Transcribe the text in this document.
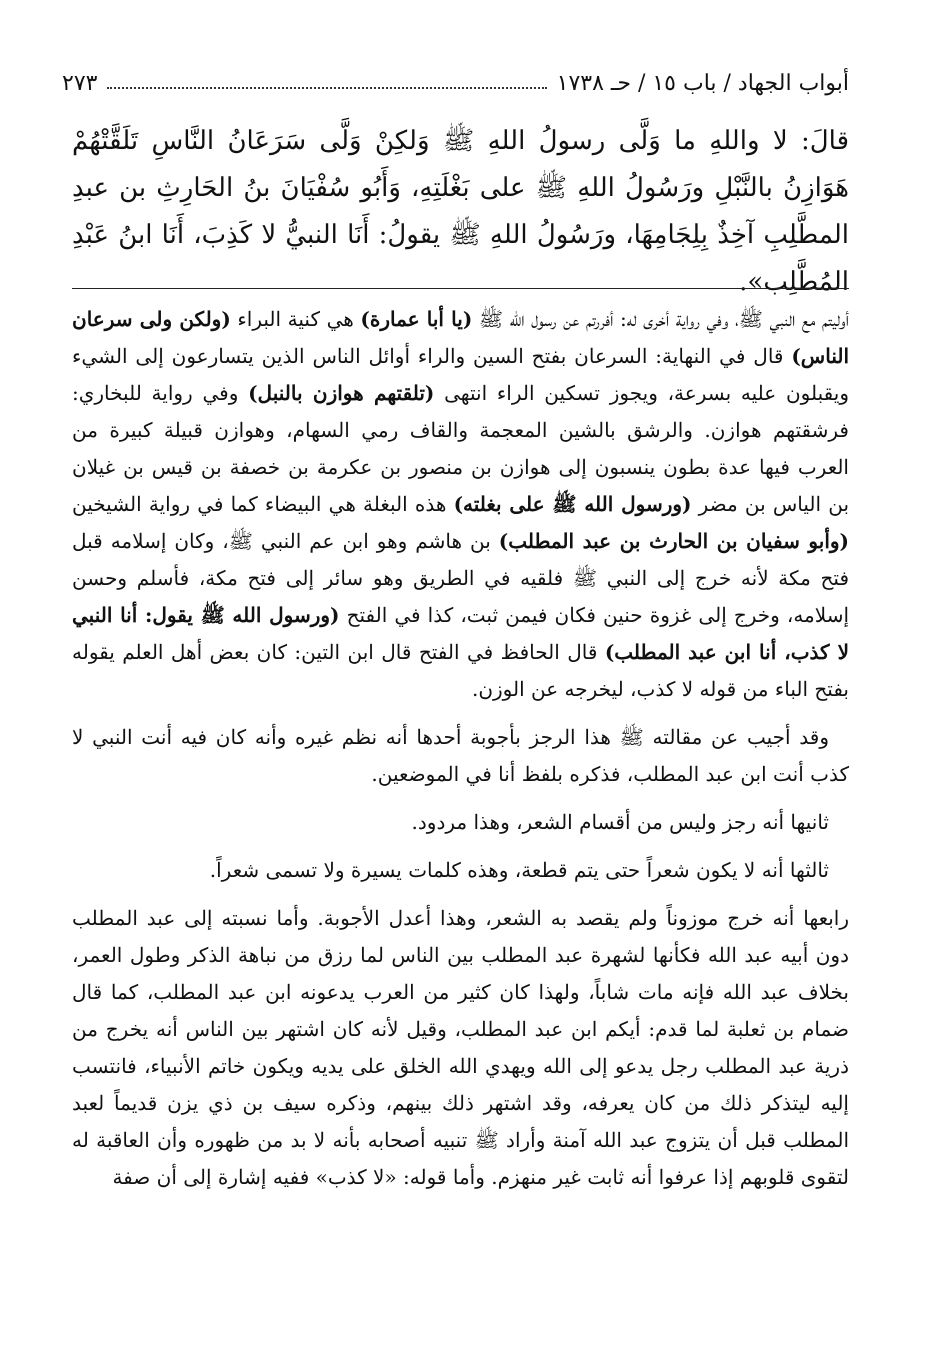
أبواب الجهاد / باب ١٥ / حـ ١٧٣٨
٢٧٣

قالَ: لا واللهِ ما وَلَّى رسولُ اللهِ ﷺ وَلكِنْ وَلَّى سَرَعَانُ النَّاسِ تَلَقَّتْهُمْ هَوَازِنُ بالنَّبْلِ ورَسُولُ اللهِ ﷺ على بَغْلَتِهِ، وَأَبُو سُفْيَانَ بنُ الحَارِثِ بن عبدِ المطَّلِبِ آخِذٌ بِلِجَامِهَا، ورَسُولُ اللهِ ﷺ يقولُ: أَنَا النبيُّ لا كَذِبَ، أَنَا ابنُ عَبْدِ المُطَّلِب».

أوليتم مع النبي ﷺ، وفي رواية أخرى له: أفررتم عن رسول الله ﷺ (يا أبا عمارة) هي كنية البراء (ولكن ولى سرعان الناس) قال في النهاية: السرعان بفتح السين والراء أوائل الناس الذين يتسارعون إلى الشيء ويقبلون عليه بسرعة، ويجوز تسكين الراء انتهى (تلقتهم هوازن بالنبل) وفي رواية للبخاري: فرشقتهم هوازن. والرشق بالشين المعجمة والقاف رمي السهام، وهوازن قبيلة كبيرة من العرب فيها عدة بطون ينسبون إلى هوازن بن منصور بن عكرمة بن خصفة بن قيس بن غيلان بن الياس بن مضر (ورسول الله ﷺ على بغلته) هذه البغلة هي البيضاء كما في رواية الشيخين (وأبو سفيان بن الحارث بن عبد المطلب) بن هاشم وهو ابن عم النبي ﷺ، وكان إسلامه قبل فتح مكة لأنه خرج إلى النبي ﷺ فلقيه في الطريق وهو سائر إلى فتح مكة، فأسلم وحسن إسلامه، وخرج إلى غزوة حنين فكان فيمن ثبت، كذا في الفتح (ورسول الله ﷺ يقول: أنا النبي لا كذب، أنا ابن عبد المطلب) قال الحافظ في الفتح قال ابن التين: كان بعض أهل العلم يقوله بفتح الباء من قوله لا كذب، ليخرجه عن الوزن.

وقد أجيب عن مقالته ﷺ هذا الرجز بأجوبة أحدها أنه نظم غيره وأنه كان فيه أنت النبي لا كذب أنت ابن عبد المطلب، فذكره بلفظ أنا في الموضعين.

ثانيها أنه رجز وليس من أقسام الشعر، وهذا مردود.

ثالثها أنه لا يكون شعراً حتى يتم قطعة، وهذه كلمات يسيرة ولا تسمى شعراً.

رابعها أنه خرج موزوناً ولم يقصد به الشعر، وهذا أعدل الأجوبة. وأما نسبته إلى عبد المطلب دون أبيه عبد الله فكأنها لشهرة عبد المطلب بين الناس لما رزق من نباهة الذكر وطول العمر، بخلاف عبد الله فإنه مات شاباً، ولهذا كان كثير من العرب يدعونه ابن عبد المطلب، كما قال ضمام بن ثعلبة لما قدم: أيكم ابن عبد المطلب، وقيل لأنه كان اشتهر بين الناس أنه يخرج من ذرية عبد المطلب رجل يدعو إلى الله ويهدي الله الخلق على يديه ويكون خاتم الأنبياء، فانتسب إليه ليتذكر ذلك من كان يعرفه، وقد اشتهر ذلك بينهم، وذكره سيف بن ذي يزن قديماً لعبد المطلب قبل أن يتزوج عبد الله آمنة وأراد ﷺ تنبيه أصحابه بأنه لا بد من ظهوره وأن العاقبة له لتقوى قلوبهم إذا عرفوا أنه ثابت غير منهزم. وأما قوله: «لا كذب» ففيه إشارة إلى أن صفة
